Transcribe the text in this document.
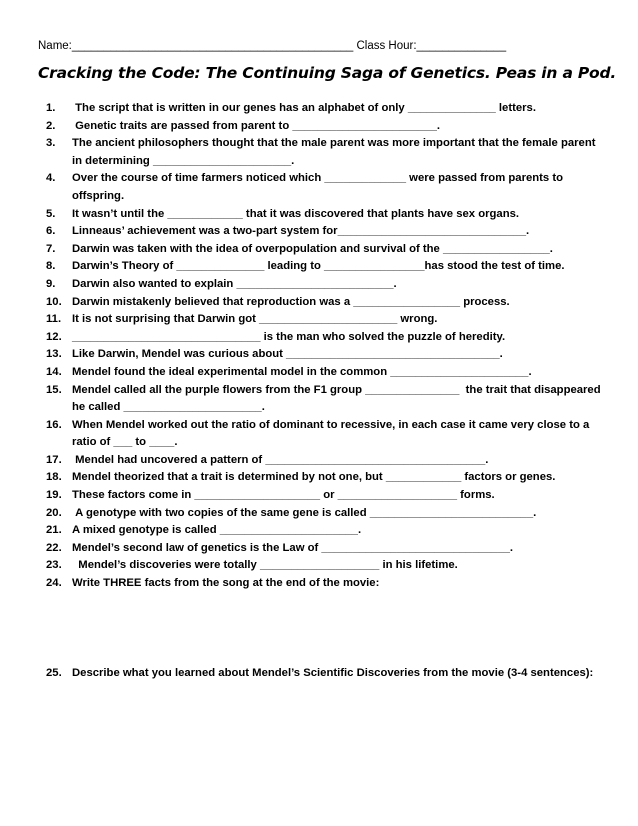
Name:____________________________________________ Class Hour:______________
Cracking the Code: The Continuing Saga of Genetics. Peas in a Pod.
1.	The script that is written in our genes has an alphabet of only ______________ letters.
2.	Genetic traits are passed from parent to _______________________.
3.	The ancient philosophers thought that the male parent was more important that the female parent in determining ______________________.
4.	Over the course of time farmers noticed which _____________ were passed from parents to offspring.
5.	It wasn’t until the ____________ that it was discovered that plants have sex organs.
6.	Linneaus’ achievement was a two-part system for______________________________.
7.	Darwin was taken with the idea of overpopulation and survival of the _________________.
8.	Darwin’s Theory of ______________ leading to ________________has stood the test of time.
9.	Darwin also wanted to explain _________________________.
10. Darwin mistakenly believed that reproduction was a _________________ process.
11. It is not surprising that Darwin got ______________________ wrong.
12. ______________________________ is the man who solved the puzzle of heredity.
13. Like Darwin, Mendel was curious about __________________________________.
14. Mendel found the ideal experimental model in the common ______________________.
15. Mendel called all the purple flowers from the F1 group _______________  the trait that disappeared he called ______________________.
16. When Mendel worked out the ratio of dominant to recessive, in each case it came very close to a ratio of ___ to ____.
17. Mendel had uncovered a pattern of ___________________________________.
18. Mendel theorized that a trait is determined by not one, but ____________ factors or genes.
19. These factors come in ____________________ or ___________________ forms.
20. A genotype with two copies of the same gene is called __________________________.
21. A mixed genotype is called ______________________.
22. Mendel’s second law of genetics is the Law of ______________________________.
23. Mendel’s discoveries were totally ___________________ in his lifetime.
24. Write THREE facts from the song at the end of the movie:
25. Describe what you learned about Mendel’s Scientific Discoveries from the movie (3-4 sentences):
